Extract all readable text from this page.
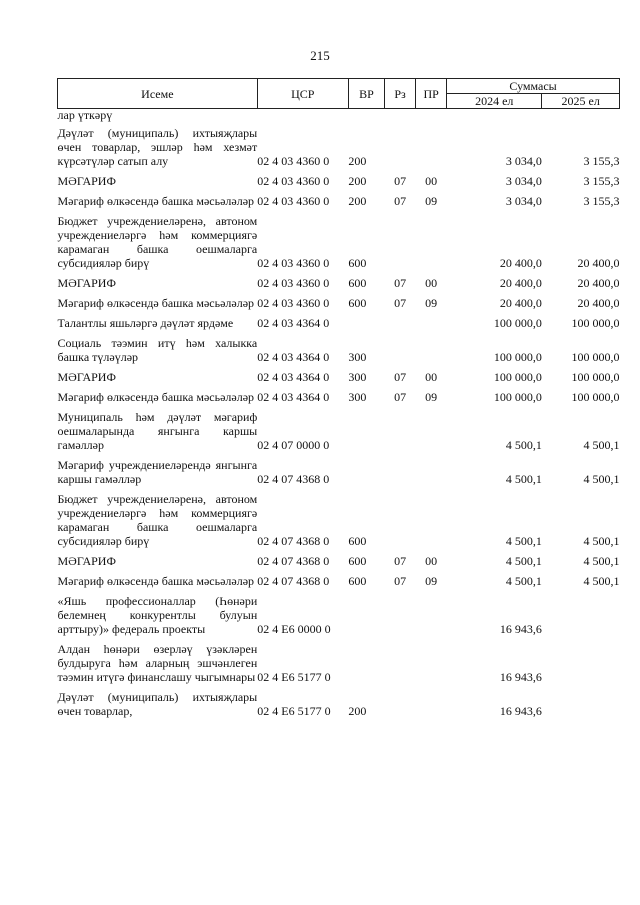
215
Исеме	ЦСР	ВР	Рз	ПР	Суммасы	
					2024 ел	2025 ел
лар үткәрү						
Дәүләт (муниципаль) ихтыяҗлары өчен товарлар, эшләр һәм хезмәт күрсәтүләр сатып алу	02 4 03 4360 0	200			3 034,0	3 155,3
МӘГАРИФ	02 4 03 4360 0	200	07	00	3 034,0	3 155,3
Мәгариф өлкәсендә башка мәсьәләләр	02 4 03 4360 0	200	07	09	3 034,0	3 155,3
Бюджет учреждениеләренә, автоном учреждениеләргә һәм коммерциягә карамаган башка оешмаларга субсидияләр бирү	02 4 03 4360 0	600			20 400,0	20 400,0
МӘГАРИФ	02 4 03 4360 0	600	07	00	20 400,0	20 400,0
Мәгариф өлкәсендә башка мәсьәләләр	02 4 03 4360 0	600	07	09	20 400,0	20 400,0
Талантлы яшьләргә дәүләт ярдәме	02 4 03 4364 0				100 000,0	100 000,0
Социаль тәэмин итү һәм халыкка башка түләүләр	02 4 03 4364 0	300			100 000,0	100 000,0
МӘГАРИФ	02 4 03 4364 0	300	07	00	100 000,0	100 000,0
Мәгариф өлкәсендә башка мәсьәләләр	02 4 03 4364 0	300	07	09	100 000,0	100 000,0
Муниципаль һәм дәүләт мәгариф оешмаларында янгынга каршы гамәлләр	02 4 07 0000 0				4 500,1	4 500,1
Мәгариф учреждениеләрендә янгынга каршы гамәлләр	02 4 07 4368 0				4 500,1	4 500,1
Бюджет учреждениеләренә, автоном учреждениеләргә һәм коммерциягә карамаган башка оешмаларга субсидияләр бирү	02 4 07 4368 0	600			4 500,1	4 500,1
МӘГАРИФ	02 4 07 4368 0	600	07	00	4 500,1	4 500,1
Мәгариф өлкәсендә башка мәсьәләләр	02 4 07 4368 0	600	07	09	4 500,1	4 500,1
«Яшь профессионаллар (Һөнәри белемнең конкурентлы булуын арттыру)» федераль проекты	02 4 Е6 0000 0				16 943,6	
Алдан һөнәри өзерләү үзәкләрен булдыруга һәм аларның эшчәнлеген тәэмин итүгә финанслашу чыгымнары	02 4 Е6 5177 0				16 943,6	
Дәүләт (муниципаль) ихтыяҗлары өчен товарлар,	02 4 Е6 5177 0	200			16 943,6	
